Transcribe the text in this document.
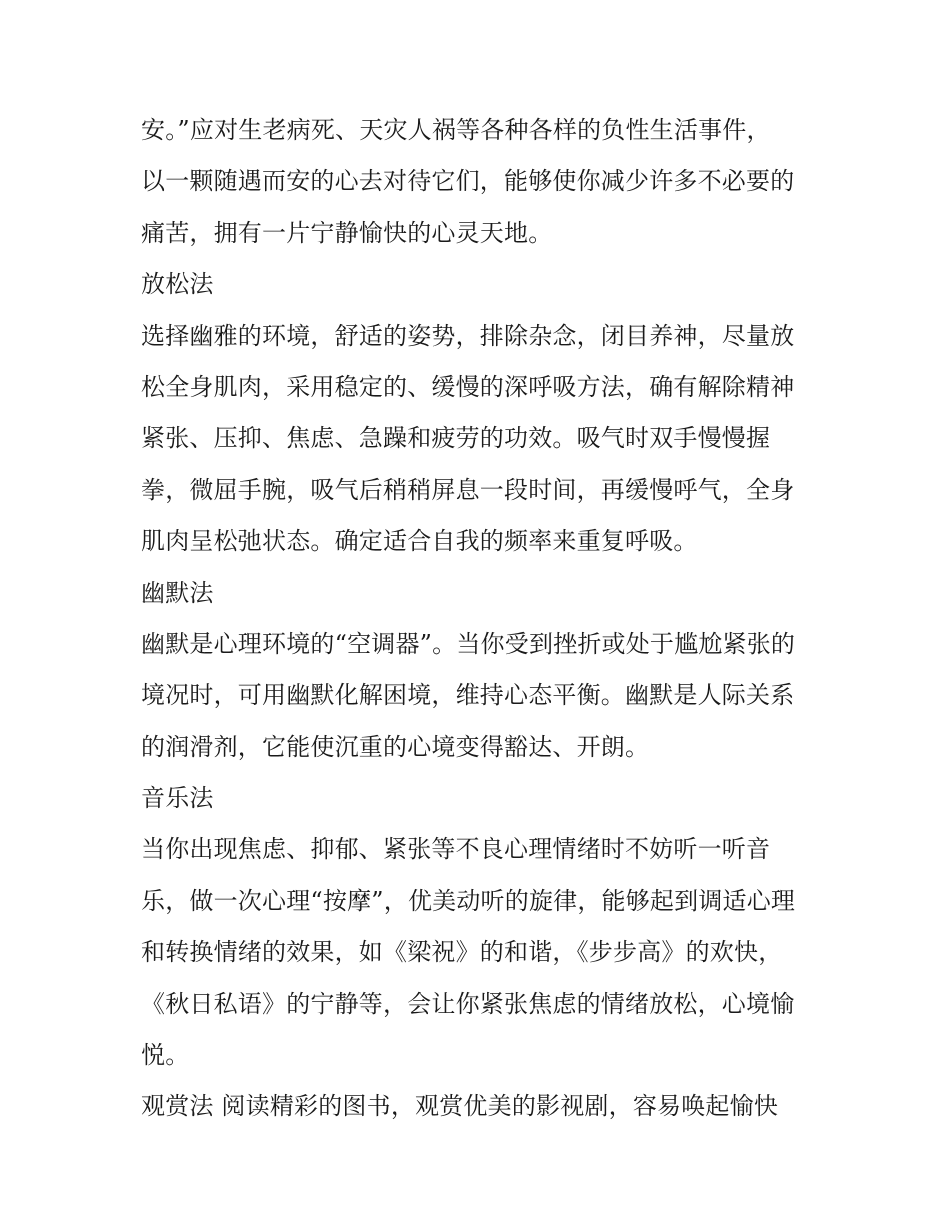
安。”应对生老病死、天灾人祸等各种各样的负性生活事件，
以一颗随遇而安的心去对待它们，能够使你减少许多不必要的
痛苦，拥有一片宁静愉快的心灵天地。
放松法
选择幽雅的环境，舒适的姿势，排除杂念，闭目养神，尽量放
松全身肌肉，采用稳定的、缓慢的深呼吸方法，确有解除精神
紧张、压抑、焦虑、急躁和疲劳的功效。吸气时双手慢慢握
拳，微屈手腕，吸气后稍稍屏息一段时间，再缓慢呼气，全身
肌肉呈松弛状态。确定适合自我的频率来重复呼吸。
幽默法
幽默是心理环境的“空调器”。当你受到挫折或处于尴尬紧张的
境况时，可用幽默化解困境，维持心态平衡。幽默是人际关系
的润滑剂，它能使沉重的心境变得豁达、开朗。
音乐法
当你出现焦虑、抑郁、紧张等不良心理情绪时不妨听一听音
乐，做一次心理“按摩”，优美动听的旋律，能够起到调适心理
和转换情绪的效果，如《梁祝》的和谐，《步步高》的欢快，
《秋日私语》的宁静等，会让你紧张焦虑的情绪放松，心境愉
悦。
观赏法 阅读精彩的图书，观赏优美的影视剧，容易唤起愉快
